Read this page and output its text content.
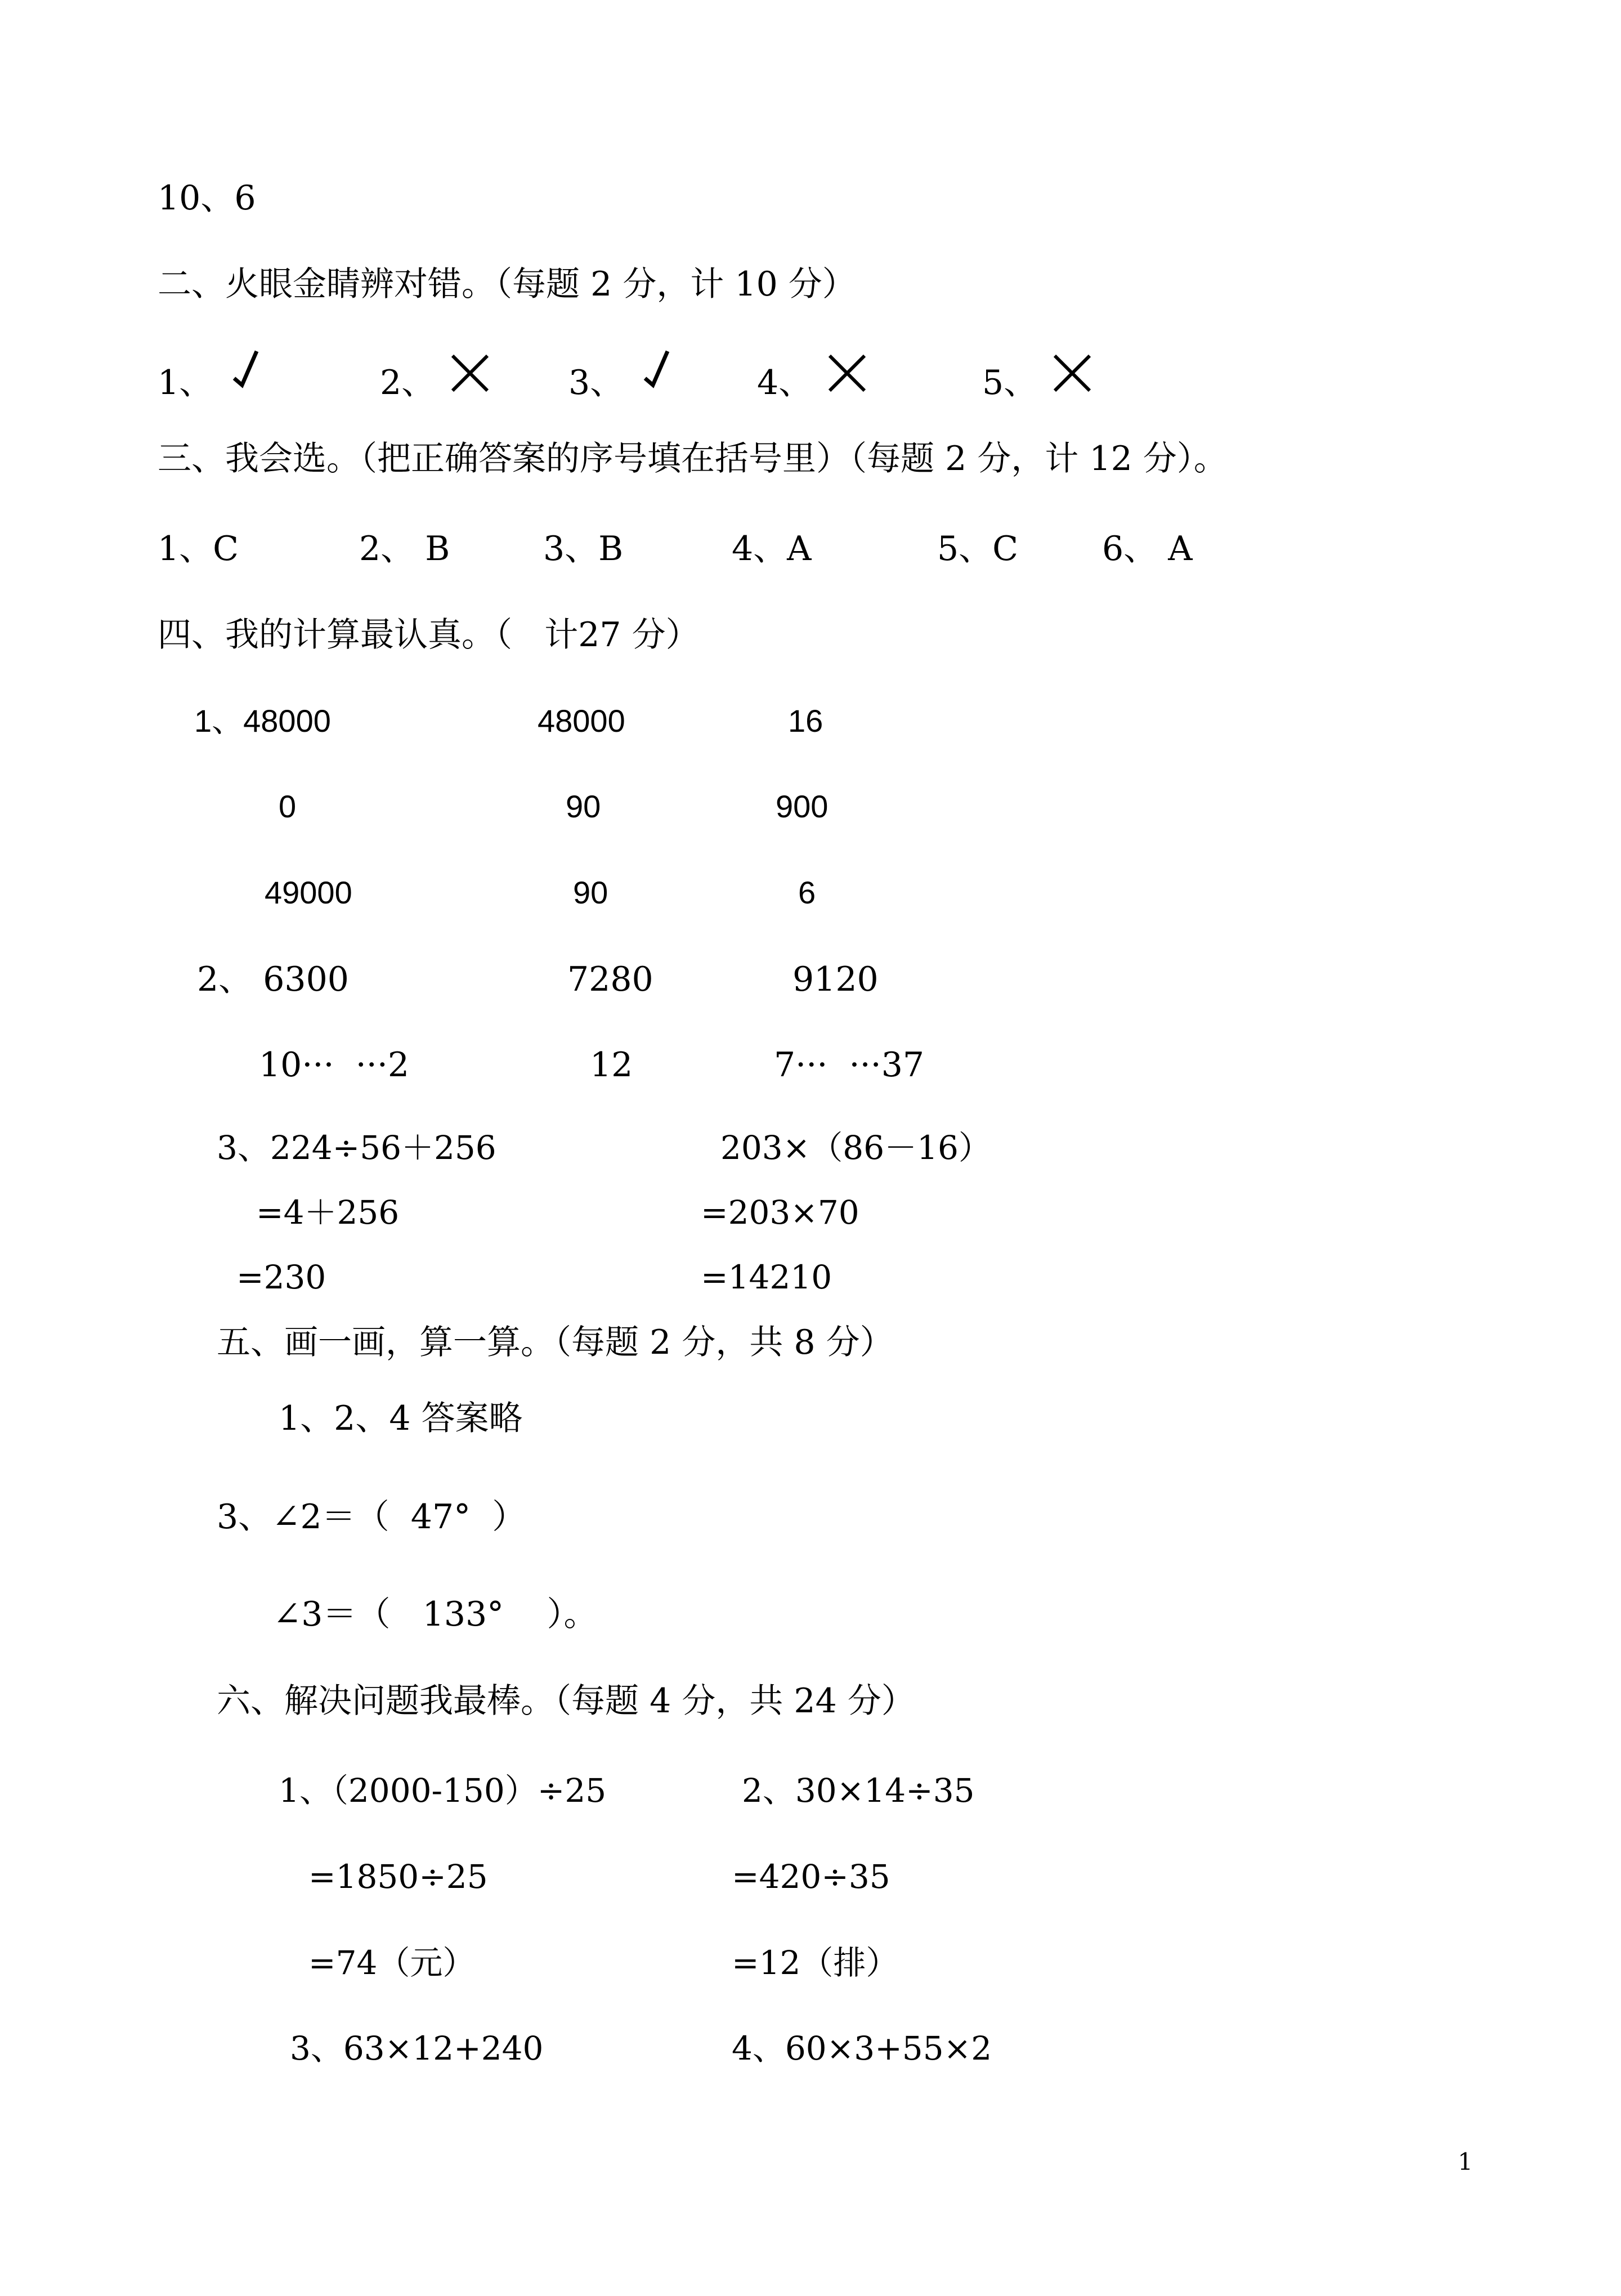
10、6
二、火眼金睛辨对错。（每题 2 分，计 10 分）
1、	2、	3、	4、	5、
三、我会选。（把正确答案的序号填在括号里）（每题 2 分，计 12 分）。
1、C	2、 B	3、B	4、A	5、C 6、 A
四、我的计算最认真。（   计27 分）
1、48000	48000	16
0	90	900
49000	90	6
2、 6300	7280	9120
10···  ···2	12	7···  ···37
3、224÷56＋256	203×（86－16）
=4＋256	=203×70
=230	=14210
五、画一画，算一算。（每题 2 分，共 8 分）
1、2、4 答案略
3、∠2＝（  47°  ）
∠3＝（   133°    ）。
六、解决问题我最棒。（每题 4 分，共 24 分）
1、（2000-150）÷25	2、30×14÷35
=1850÷25	=420÷35
=74（元）	=12（排）
3、63×12+240	4、60×3+55×2
1
